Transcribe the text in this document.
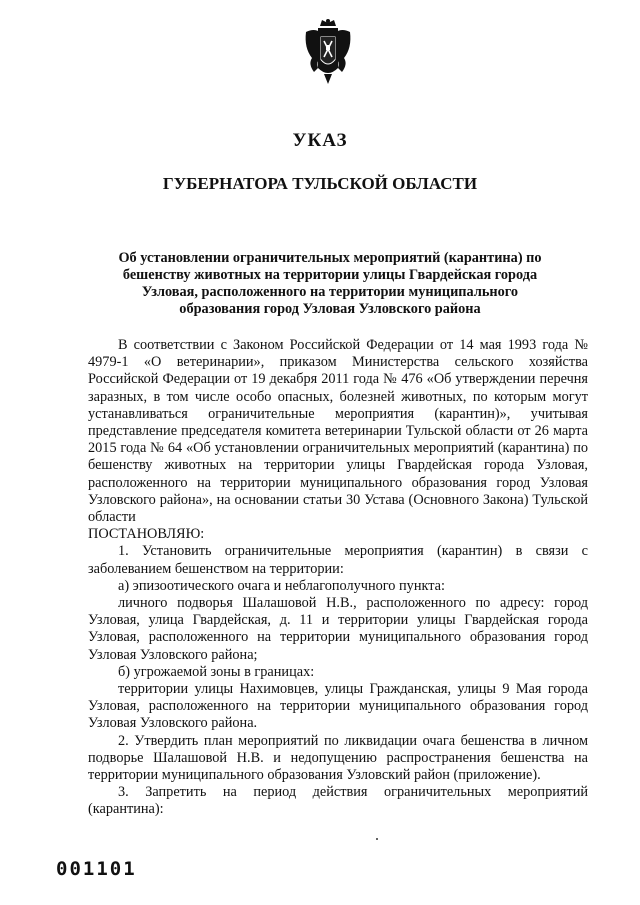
УКАЗ
ГУБЕРНАТОРА ТУЛЬСКОЙ ОБЛАСТИ
Об установлении ограничительных мероприятий (карантина) по бешенству животных на территории улицы Гвардейская города Узловая, расположенного на территории муниципального образования город Узловая Узловского района

В соответствии с Законом Российской Федерации от 14 мая 1993 года № 4979-1 «О ветеринарии», приказом Министерства сельского хозяйства Российской Федерации от 19 декабря 2011 года № 476 «Об утверждении перечня заразных, в том числе особо опасных, болезней животных, по которым могут устанавливаться ограничительные мероприятия (карантин)», учитывая представление председателя комитета ветеринарии Тульской области от 26 марта 2015 года № 64 «Об установлении ограничительных мероприятий (карантина) по бешенству животных на территории улицы Гвардейская города Узловая, расположенного на территории муниципального образования город Узловая Узловского района», на основании статьи 30 Устава (Основного Закона) Тульской области

ПОСТАНОВЛЯЮ:

1. Установить ограничительные мероприятия (карантин) в связи с заболеванием бешенством на территории:

а) эпизоотического очага и неблагополучного пункта:

личного подворья Шалашовой Н.В., расположенного по адресу: город Узловая, улица Гвардейская, д. 11 и территории улицы Гвардейская города Узловая, расположенного на территории муниципального образования город Узловая Узловского района;

б) угрожаемой зоны в границах:

территории улицы Нахимовцев, улицы Гражданская, улицы 9 Мая города Узловая, расположенного на территории муниципального образования город Узловая Узловского района.

2. Утвердить план мероприятий по ликвидации очага бешенства в личном подворье Шалашовой Н.В. и недопущению распространения бешенства на территории муниципального образования Узловский район (приложение).

3. Запретить на период действия ограничительных мероприятий (карантина):

001101
